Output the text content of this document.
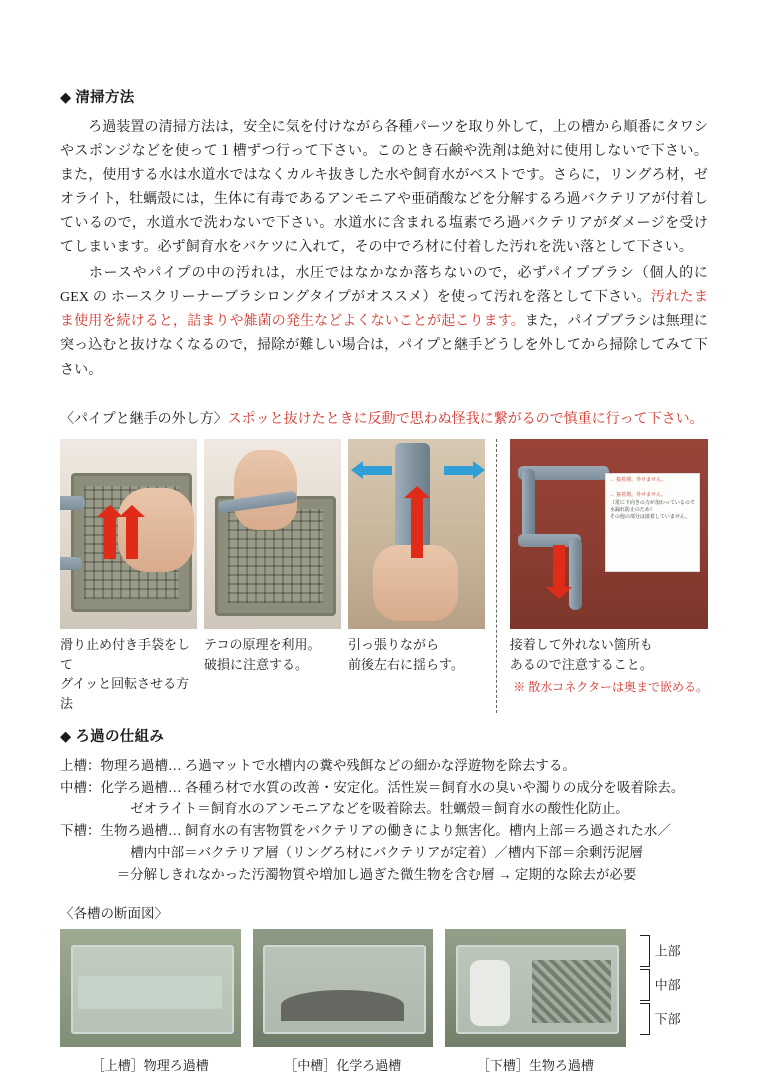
◆ 清掃方法

　ろ過装置の清掃方法は，安全に気を付けながら各種パーツを取り外して，上の槽から順番にタワシやスポンジなどを使って１槽ずつ行って下さい。このとき石鹸や洗剤は絶対に使用しないで下さい。また，使用する水は水道水ではなくカルキ抜きした水や飼育水がベストです。さらに，リングろ材，ゼオライト，牡蠣殻には，生体に有毒であるアンモニアや亜硝酸などを分解するろ過バクテリアが付着しているので，水道水で洗わないで下さい。水道水に含まれる塩素でろ過バクテリアがダメージを受けてしまいます。必ず飼育水をバケツに入れて，その中でろ材に付着した汚れを洗い落として下さい。

　ホースやパイプの中の汚れは，水圧ではなかなか落ちないので，必ずパイプブラシ（個人的に GEX の ホースクリーナーブラシロングタイプがオススメ）を使って汚れを落として下さい。汚れたまま使用を続けると，詰まりや雑菌の発生などよくないことが起こります。また，パイプブラシは無理に突っ込むと抜けなくなるので，掃除が難しい場合は，パイプと継手どうしを外してから掃除してみて下さい。

〈パイプと継手の外し方〉スポッと抜けたときに反動で思わぬ怪我に繋がるので慎重に行って下さい。
滑り止め付き手袋をして
グイッと回転させる方法
テコの原理を利用。
破損に注意する。
引っ張りながら
前後左右に揺らす。
← 接着剤。外せません。
← 接着剤。外せません。
（常に下向きの力が加わっているので水漏れ防止のため）
その他の部分は接着していません。
接着して外れない箇所も
あるので注意すること。
※ 散水コネクターは奥まで嵌める。
◆ ろ過の仕組み

上槽：物理ろ過槽… ろ過マットで水槽内の糞や残餌などの細かな浮遊物を除去する。

中槽：化学ろ過槽… 各種ろ材で水質の改善・安定化。活性炭＝飼育水の臭いや濁りの成分を吸着除去。

ゼオライト＝飼育水のアンモニアなどを吸着除去。牡蠣殻＝飼育水の酸性化防止。

下槽：生物ろ過槽… 飼育水の有害物質をバクテリアの働きにより無害化。槽内上部＝ろ過された水／

槽内中部＝バクテリア層（リングろ材にバクテリアが定着）／槽内下部＝余剰汚泥層

＝分解しきれなかった汚濁物質や増加し過ぎた微生物を含む層 → 定期的な除去が必要

〈各槽の断面図〉
［上槽］物理ろ過槽	［中槽］化学ろ過槽	［下槽］生物ろ過槽
上部
中部
下部
